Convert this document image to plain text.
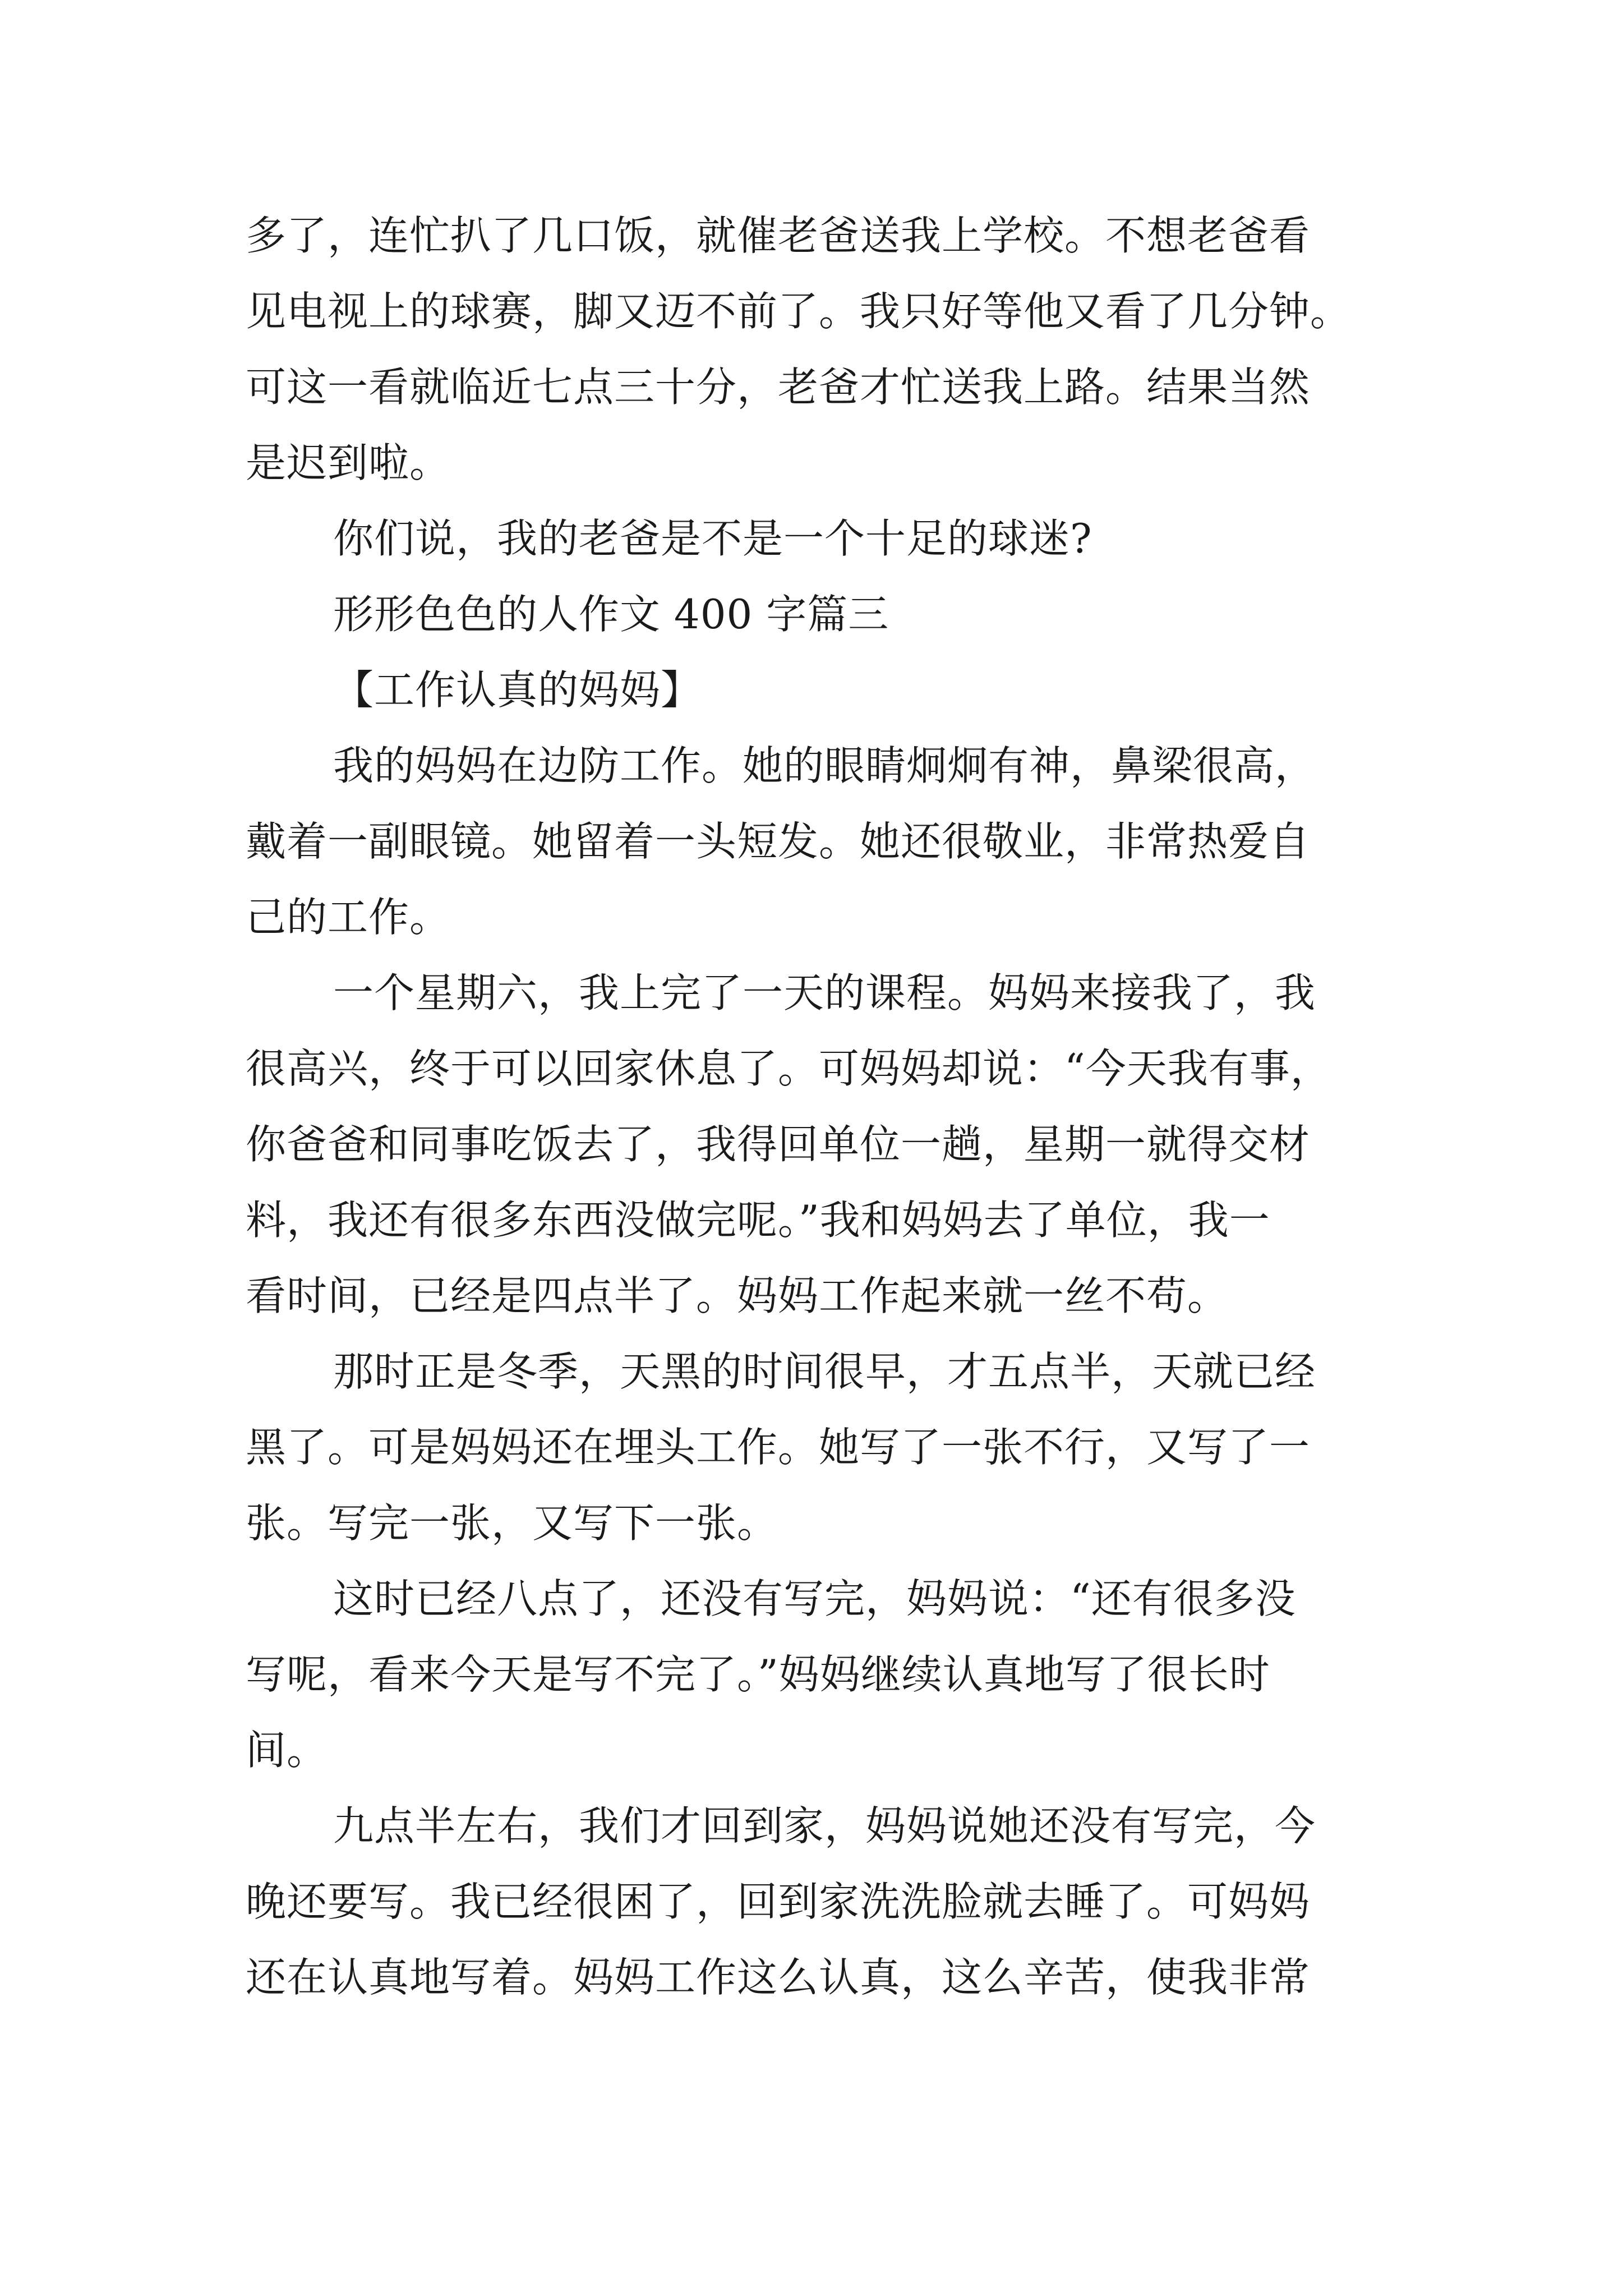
多了，连忙扒了几口饭，就催老爸送我上学校。不想老爸看
见电视上的球赛，脚又迈不前了。我只好等他又看了几分钟。
可这一看就临近七点三十分，老爸才忙送我上路。结果当然
是迟到啦。
你们说，我的老爸是不是一个十足的球迷?
形形色色的人作文 400 字篇三
【工作认真的妈妈】
我的妈妈在边防工作。她的眼睛炯炯有神，鼻梁很高，
戴着一副眼镜。她留着一头短发。她还很敬业，非常热爱自
己的工作。
一个星期六，我上完了一天的课程。妈妈来接我了，我
很高兴，终于可以回家休息了。可妈妈却说：“今天我有事，
你爸爸和同事吃饭去了，我得回单位一趟，星期一就得交材
料，我还有很多东西没做完呢。”我和妈妈去了单位，我一
看时间，已经是四点半了。妈妈工作起来就一丝不苟。
那时正是冬季，天黑的时间很早，才五点半，天就已经
黑了。可是妈妈还在埋头工作。她写了一张不行，又写了一
张。写完一张，又写下一张。
这时已经八点了，还没有写完，妈妈说：“还有很多没
写呢，看来今天是写不完了。”妈妈继续认真地写了很长时
间。
九点半左右，我们才回到家，妈妈说她还没有写完，今
晚还要写。我已经很困了，回到家洗洗脸就去睡了。可妈妈
还在认真地写着。妈妈工作这么认真，这么辛苦，使我非常
